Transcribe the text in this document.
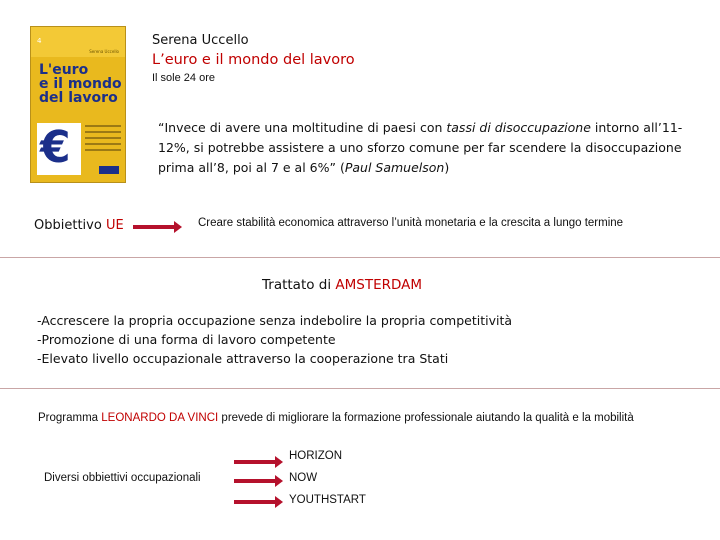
4
Serena Uccello
L'euro
e il mondo
del lavoro
€
Serena Uccello
L’euro e il mondo del lavoro
Il sole 24 ore
“Invece di avere una moltitudine di paesi con tassi di disoccupazione intorno all’11-12%, si potrebbe assistere a uno sforzo comune per far scendere la disoccupazione prima all’8, poi al 7 e al 6%” (Paul Samuelson)
Obbiettivo UE	Creare stabilità economica attraverso l’unità monetaria e la crescita a lungo termine
Trattato di AMSTERDAM
-Accrescere la propria occupazione senza indebolire la propria competitività
-Promozione di una forma di lavoro competente
-Elevato livello occupazionale attraverso la cooperazione tra Stati
Programma LEONARDO DA VINCI prevede di migliorare la formazione professionale aiutando la qualità e la mobilità
Diversi obbiettivi occupazionali
HORIZON
NOW
YOUTHSTART
